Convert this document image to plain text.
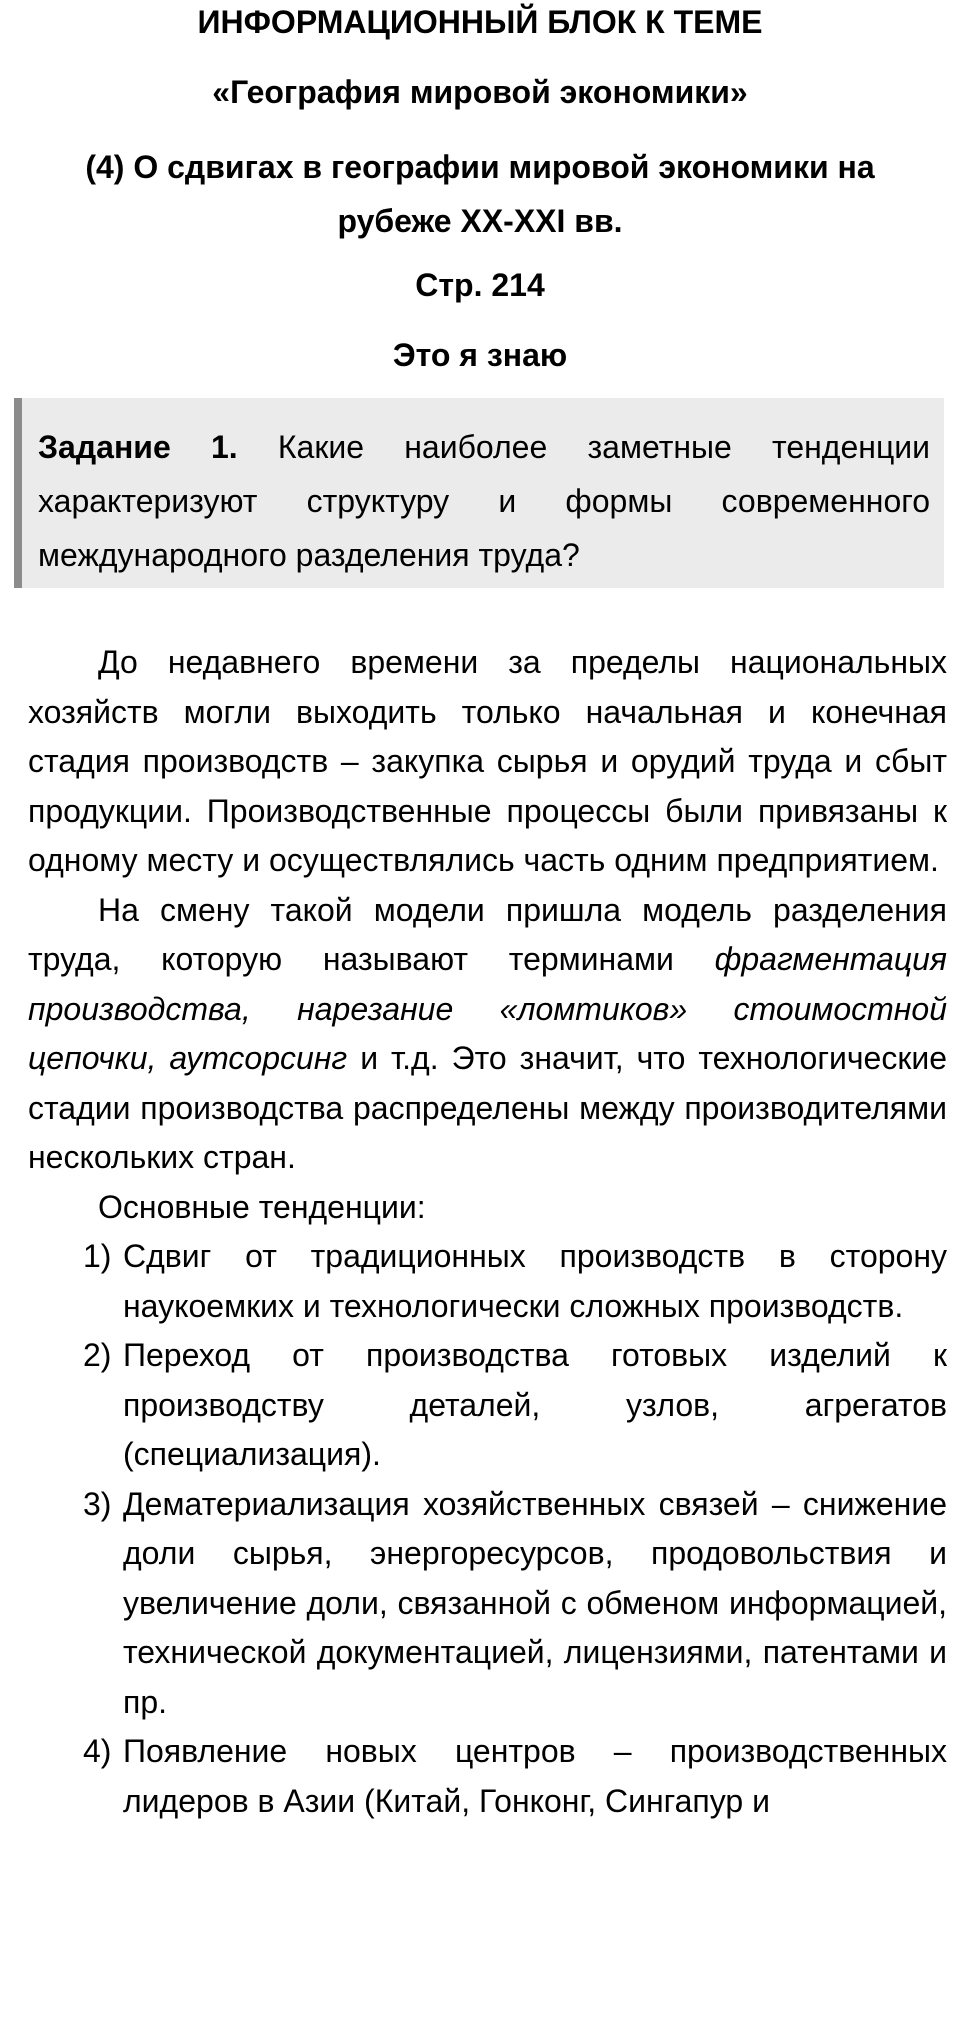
ИНФОРМАЦИОННЫЙ БЛОК К ТЕМЕ
«География мировой экономики»
(4) О сдвигах в географии мировой экономики на рубеже XX-XXI вв.
Стр. 214
Это я знаю
Задание 1. Какие наиболее заметные тенденции характеризуют структуру и формы современного международного разделения труда?

До недавнего времени за пределы национальных хозяйств могли выходить только начальная и конечная стадия производств – закупка сырья и орудий труда и сбыт продукции. Производственные процессы были привязаны к одному месту и осуществлялись часть одним предприятием.

На смену такой модели пришла модель разделения труда, которую называют терминами фрагментация производства, нарезание «ломтиков» стоимостной цепочки, аутсорсинг и т.д. Это значит, что технологические стадии производства распределены между производителями нескольких стран.

Основные тенденции:

1) Сдвиг от традиционных производств в сторону наукоемких и технологически сложных производств.
2) Переход от производства готовых изделий к производству деталей, узлов, агрегатов (специализация).
3) Дематериализация хозяйственных связей – снижение доли сырья, энергоресурсов, продовольствия и увеличение доли, связанной с обменом информацией, технической документацией, лицензиями, патентами и пр.
4) Появление новых центров – производственных лидеров в Азии (Китай, Гонконг, Сингапур и
